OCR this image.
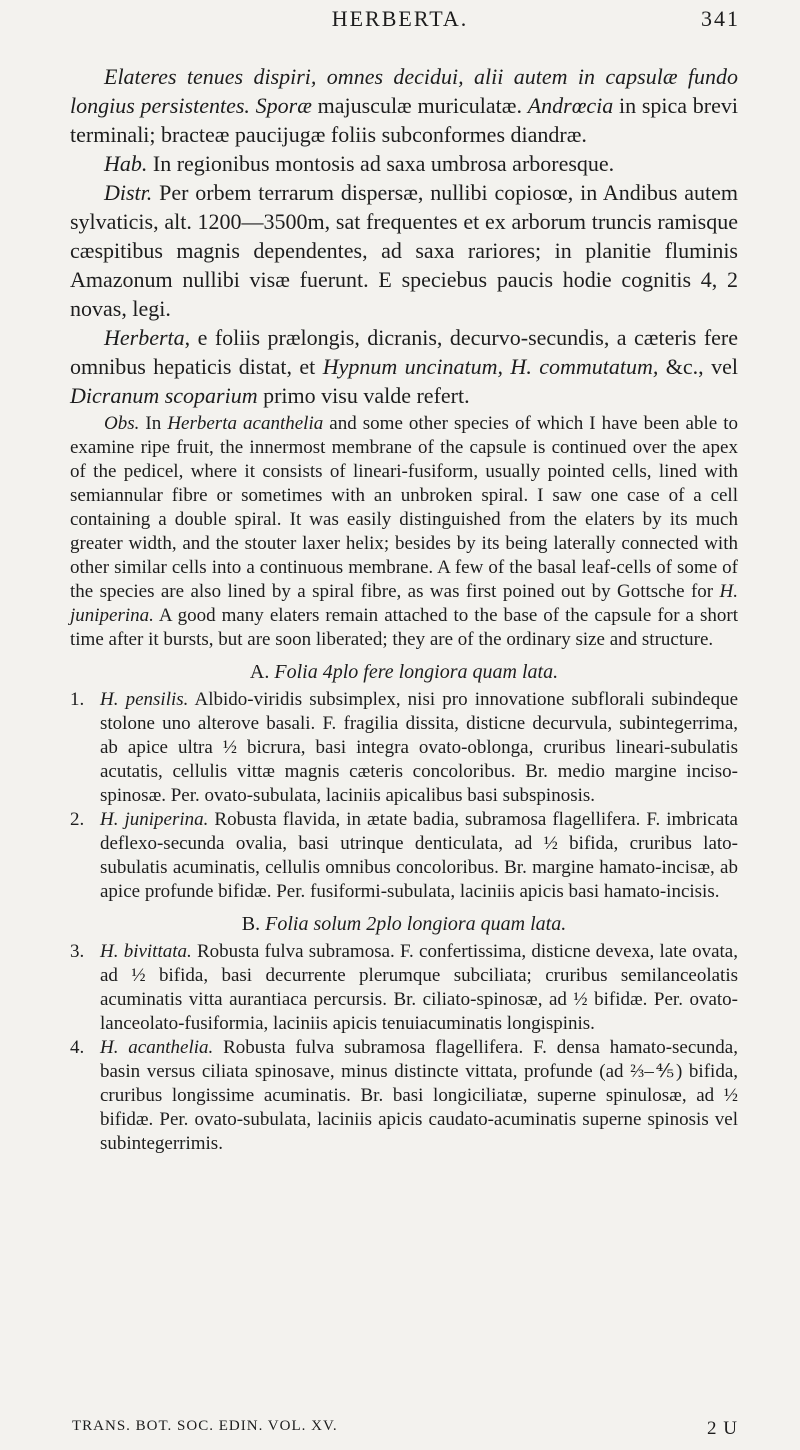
HERBERTA.	341

Elateres tenues dispiri, omnes decidui, alii autem in capsulæ fundo longius persistentes. Sporæ majusculæ muriculatæ. Andrœcia in spica brevi terminali; bracteæ paucijugæ foliis subconformes diandræ.

Hab. In regionibus montosis ad saxa umbrosa arboresque.

Distr. Per orbem terrarum dispersæ, nullibi copiosœ, in Andibus autem sylvaticis, alt. 1200—3500m, sat frequentes et ex arborum truncis ramisque cæspitibus magnis dependentes, ad saxa rariores; in planitie fluminis Amazonum nullibi visæ fuerunt. E speciebus paucis hodie cognitis 4, 2 novas, legi.

Herberta, e foliis prælongis, dicranis, decurvo-secundis, a cæteris fere omnibus hepaticis distat, et Hypnum uncinatum, H. commutatum, &c., vel Dicranum scoparium primo visu valde refert.

Obs. In Herberta acanthelia and some other species of which I have been able to examine ripe fruit, the innermost membrane of the capsule is continued over the apex of the pedicel, where it consists of lineari-fusiform, usually pointed cells, lined with semiannular fibre or sometimes with an unbroken spiral. I saw one case of a cell containing a double spiral. It was easily distinguished from the elaters by its much greater width, and the stouter laxer helix; besides by its being laterally connected with other similar cells into a continuous membrane. A few of the basal leaf-cells of some of the species are also lined by a spiral fibre, as was first poined out by Gottsche for H. juniperina. A good many elaters remain attached to the base of the capsule for a short time after it bursts, but are soon liberated; they are of the ordinary size and structure.
A. Folia 4plo fere longiora quam lata.
1. H. pensilis. Albido-viridis subsimplex, nisi pro innovatione subflorali subindeque stolone uno alterove basali. F. fragilia dissita, disticne decurvula, subintegerrima, ab apice ultra ½ bicrura, basi integra ovato-oblonga, cruribus lineari-subulatis acutatis, cellulis vittæ magnis cæteris concoloribus. Br. medio margine inciso-spinosæ. Per. ovato-subulata, laciniis apicalibus basi subspinosis.
2. H. juniperina. Robusta flavida, in ætate badia, subramosa flagellifera. F. imbricata deflexo-secunda ovalia, basi utrinque denticulata, ad ½ bifida, cruribus lato-subulatis acuminatis, cellulis omnibus concoloribus. Br. margine hamato-incisæ, ab apice profunde bifidæ. Per. fusiformi-subulata, laciniis apicis basi hamato-incisis.
B. Folia solum 2plo longiora quam lata.
3. H. bivittata. Robusta fulva subramosa. F. confertissima, disticne devexa, late ovata, ad ½ bifida, basi decurrente plerumque subciliata; cruribus semilanceolatis acuminatis vitta aurantiaca percursis. Br. ciliato-spinosæ, ad ½ bifidæ. Per. ovato-lanceolato-fusiformia, laciniis apicis tenuiacuminatis longispinis.
4. H. acanthelia. Robusta fulva subramosa flagellifera. F. densa hamato-secunda, basin versus ciliata spinosave, minus distincte vittata, profunde (ad ⅔–⅘) bifida, cruribus longissime acuminatis. Br. basi longiciliatæ, superne spinulosæ, ad ½ bifidæ. Per. ovato-subulata, laciniis apicis caudato-acuminatis superne spinosis vel subintegerrimis.
TRANS. BOT. SOC. EDIN. VOL. XV.	2 U
